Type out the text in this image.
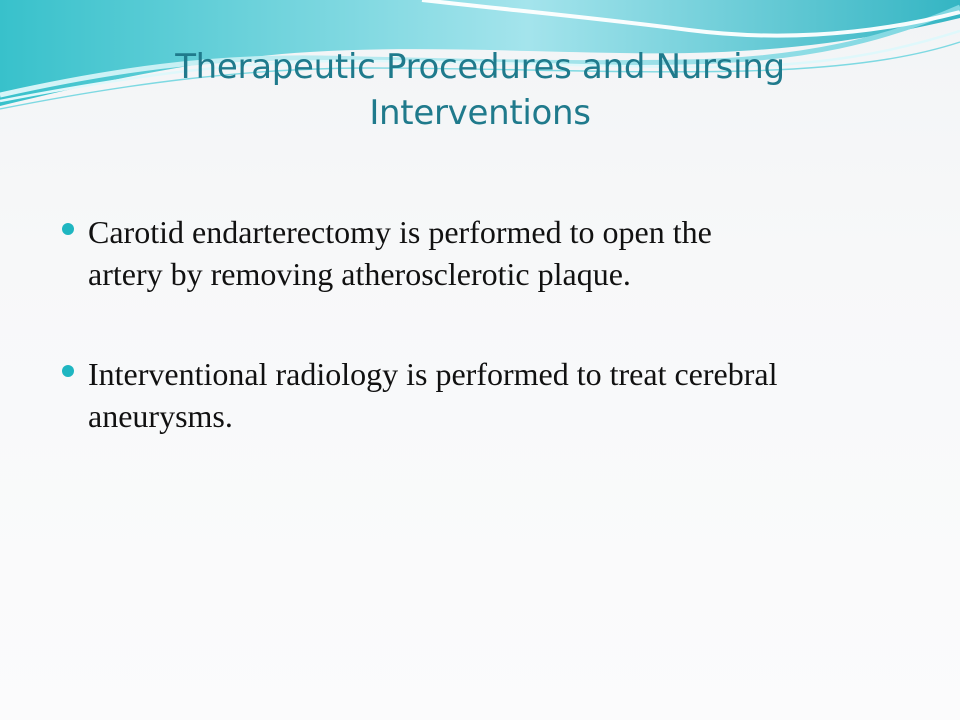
Therapeutic Procedures and Nursing
Interventions
Carotid endarterectomy is performed to open the
artery by removing atherosclerotic plaque.
Interventional radiology is performed to treat cerebral
aneurysms.
